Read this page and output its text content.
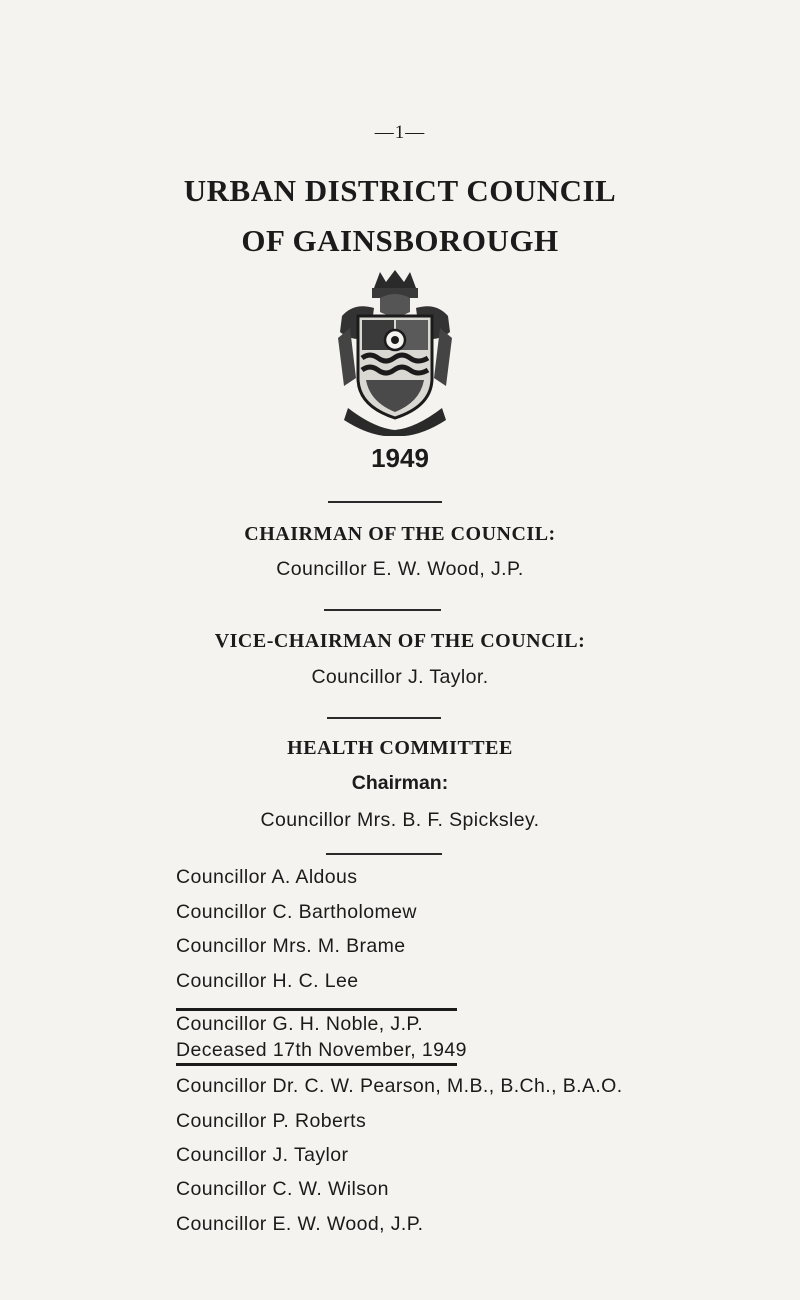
—1—
URBAN DISTRICT COUNCIL
OF GAINSBOROUGH
1949
CHAIRMAN OF THE COUNCIL:
Councillor E. W. Wood, J.P.
VICE-CHAIRMAN OF THE COUNCIL:
Councillor J. Taylor.
HEALTH COMMITTEE
Chairman:
Councillor Mrs. B. F. Spicksley.
Councillor A. Aldous
Councillor C. Bartholomew
Councillor Mrs. M. Brame
Councillor H. C. Lee
Councillor G. H. Noble, J.P.
Deceased 17th November, 1949
Councillor Dr. C. W. Pearson, M.B., B.Ch., B.A.O.
Councillor P. Roberts
Councillor J. Taylor
Councillor C. W. Wilson
Councillor E. W. Wood, J.P.
